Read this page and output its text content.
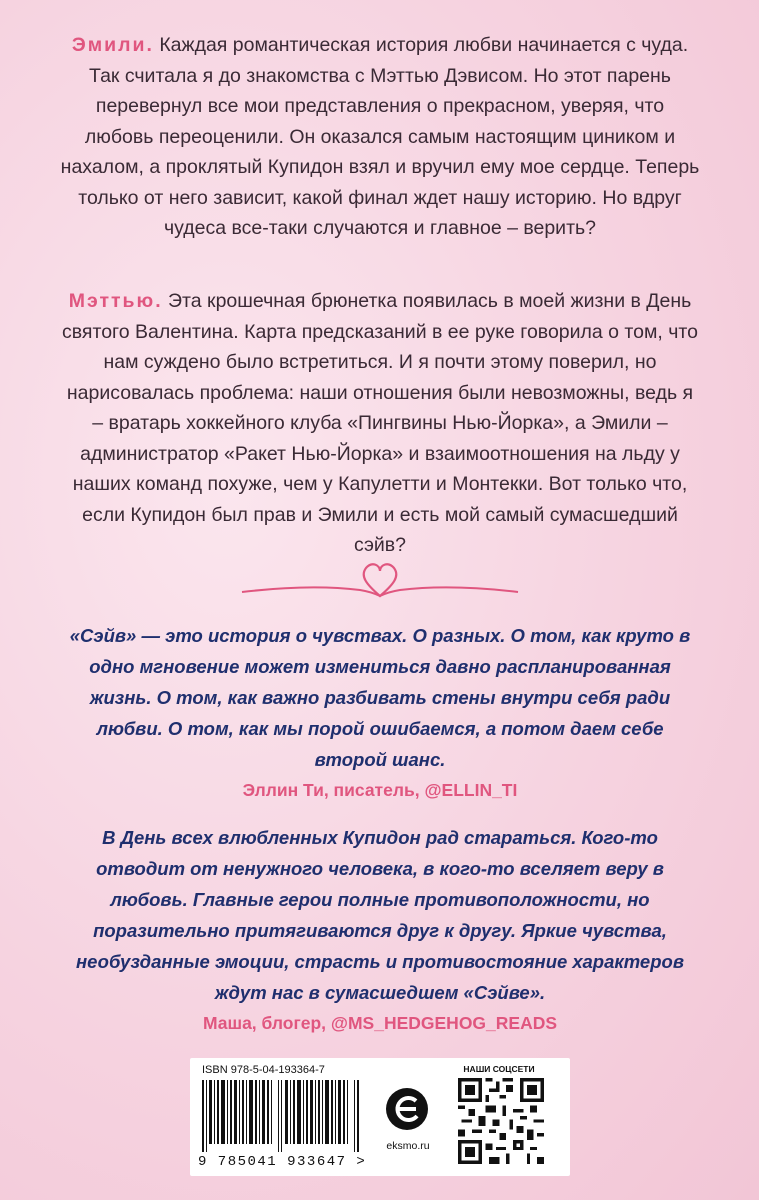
Эмили. Каждая романтическая история любви начинается с чуда. Так считала я до знакомства с Мэттью Дэвисом. Но этот парень перевернул все мои представления о прекрасном, уверяя, что любовь переоценили. Он оказался самым настоящим циником и нахалом, а проклятый Купидон взял и вручил ему мое сердце. Теперь только от него зависит, какой финал ждет нашу историю. Но вдруг чудеса все-таки случаются и главное – верить?

Мэттью. Эта крошечная брюнетка появилась в моей жизни в День святого Валентина. Карта предсказаний в ее руке говорила о том, что нам суждено было встретиться. И я почти этому поверил, но нарисовалась проблема: наши отношения были невозможны, ведь я – вратарь хоккейного клуба «Пингвины Нью-Йорка», а Эмили – администратор «Ракет Нью-Йорка» и взаимоотношения на льду у наших команд похуже, чем у Капулетти и Монтекки. Вот только что, если Купидон был прав и Эмили и есть мой самый сумасшедший сэйв?

«Сэйв» — это история о чувствах. О разных. О том, как круто в одно мгновение может измениться давно распланированная жизнь. О том, как важно разбивать стены внутри себя ради любви. О том, как мы порой ошибаемся, а потом даем себе второй шанс.

Эллин Ти, писатель, @ELLIN_TI

В День всех влюбленных Купидон рад стараться. Кого-то отводит от ненужного человека, в кого-то вселяет веру в любовь. Главные герои полные противоположности, но поразительно притягиваются друг к другу. Яркие чувства, необузданные эмоции, страсть и противостояние характеров ждут нас в сумасшедшем «Сэйве».

Маша, блогер, @MS_HEDGEHOG_READS

ISBN 978-5-04-193364-7
9 785041 933647 >
eksmo.ru
НАШИ СОЦСЕТИ
